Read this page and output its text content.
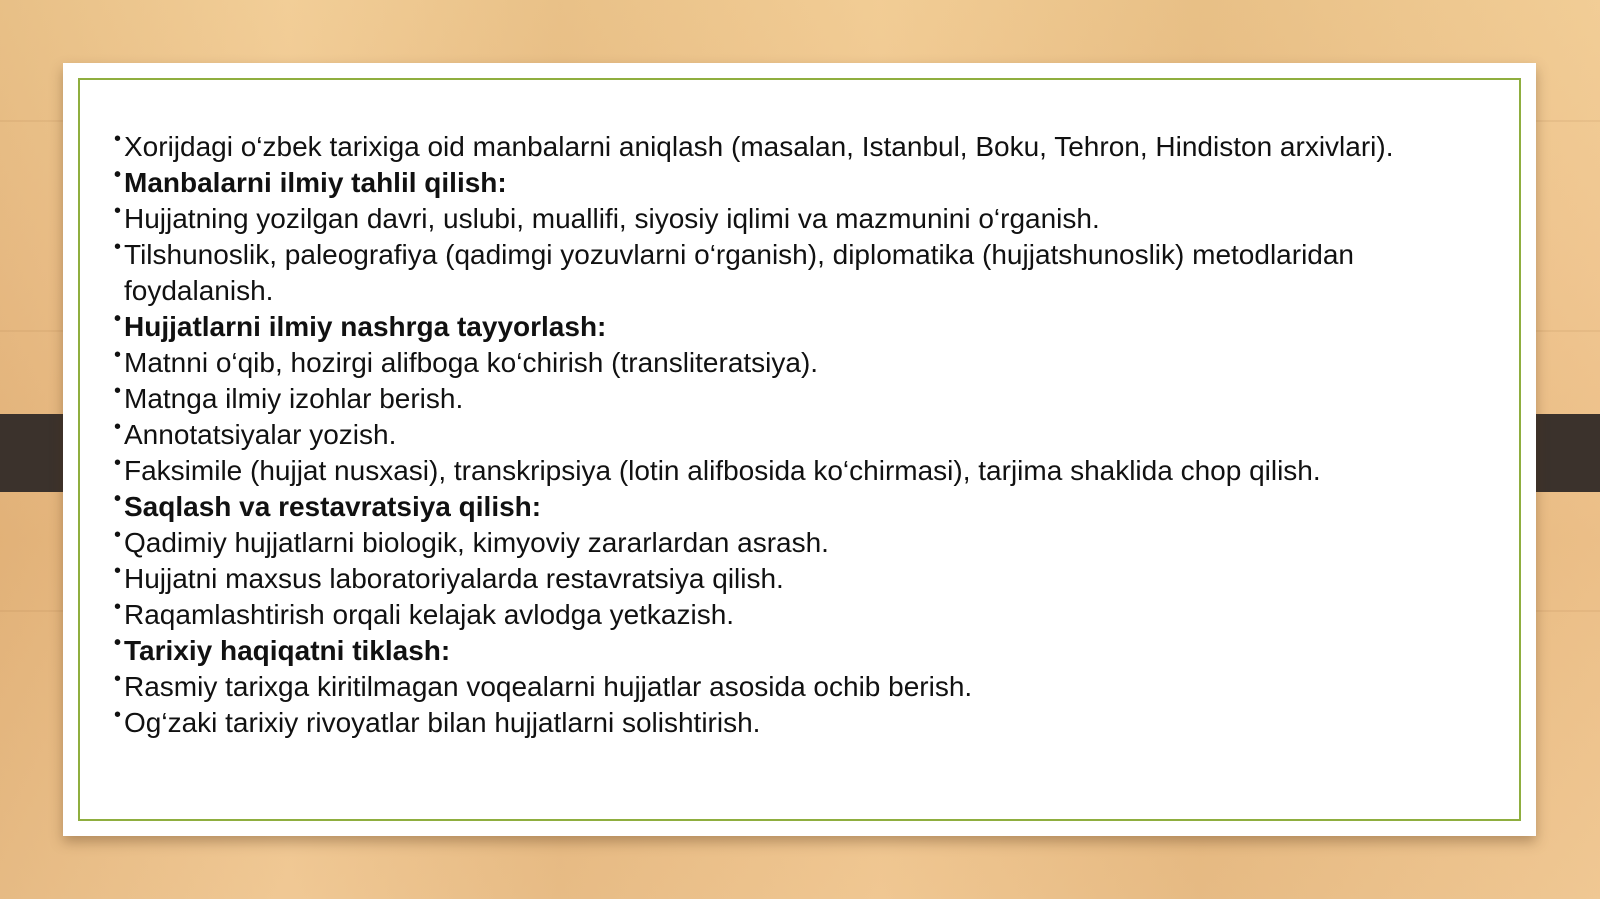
• Xorijdagi o‘zbek tarixiga oid manbalarni aniqlash (masalan, Istanbul, Boku, Tehron, Hindiston arxivlari).

• Manbalarni ilmiy tahlil qilish:

• Hujjatning yozilgan davri, uslubi, muallifi, siyosiy iqlimi va mazmunini o‘rganish.

• Tilshunoslik, paleografiya (qadimgi yozuvlarni o‘rganish), diplomatika (hujjatshunoslik) metodlaridan foydalanish.

• Hujjatlarni ilmiy nashrga tayyorlash:

• Matnni o‘qib, hozirgi alifboga ko‘chirish (transliteratsiya).

• Matnga ilmiy izohlar berish.

• Annotatsiyalar yozish.

• Faksimile (hujjat nusxasi), transkripsiya (lotin alifbosida ko‘chirmasi), tarjima shaklida chop qilish.

• Saqlash va restavratsiya qilish:

• Qadimiy hujjatlarni biologik, kimyoviy zararlardan asrash.

• Hujjatni maxsus laboratoriyalarda restavratsiya qilish.

• Raqamlashtirish orqali kelajak avlodga yetkazish.

• Tarixiy haqiqatni tiklash:

• Rasmiy tarixga kiritilmagan voqealarni hujjatlar asosida ochib berish.

• Og‘zaki tarixiy rivoyatlar bilan hujjatlarni solishtirish.
